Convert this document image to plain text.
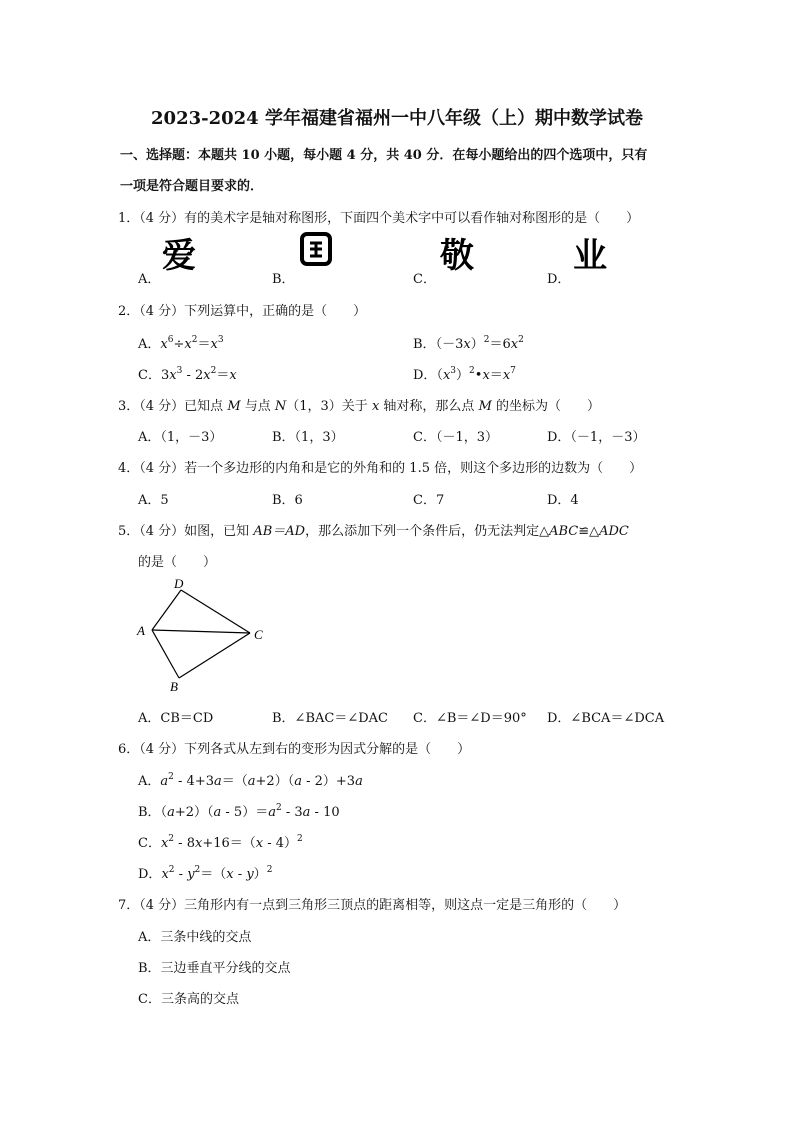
2023-2024 学年福建省福州一中八年级（上）期中数学试卷
一、选择题：本题共 10 小题，每小题 4 分，共 40 分．在每小题给出的四个选项中，只有
一项是符合题目要求的．
1．（4 分）有的美术字是轴对称图形，下面四个美术字中可以看作轴对称图形的是（　　）
A．
爱
B．	C．
敬
D．
业
2．（4 分）下列运算中，正确的是（　　）
A．$x^6\div x^2=x^3$	B．$(-3x)^2=6x^2$
C．$3x^3 - 2x^2=x$	D．$(x^3)^2•x=x^7$
3．（4 分）已知点 M 与点 N（1，3）关于 x 轴对称，那么点 M 的坐标为（　　）
A．（1，－3）	B．（1，3）	C．（－1，3）	D．（－1，－3）
4．（4 分）若一个多边形的内角和是它的外角和的 1.5 倍，则这个多边形的边数为（　　）
A．5	B．6	C．7	D．4
5．（4 分）如图，已知 AB＝AD，那么添加下列一个条件后，仍无法判定△ABC≌△ADC
的是（　　）
D
A	C
B
A．CB＝CD	B．∠BAC＝∠DAC C．∠B＝∠D＝90° D．∠BCA＝∠DCA
6．（4 分）下列各式从左到右的变形为因式分解的是（　　）
A．$a^2 - 4+3a=(a+2)(a - 2)+3a$
B．$(a+2)(a - 5)=a^2 - 3a - 10$
C．$x^2 - 8x+16=(x - 4)^2$
D．$x^2 - y^2=(x - y)^2$
7．（4 分）三角形内有一点到三角形三顶点的距离相等，则这点一定是三角形的（　　）
A．三条中线的交点
B．三边垂直平分线的交点
C．三条高的交点
